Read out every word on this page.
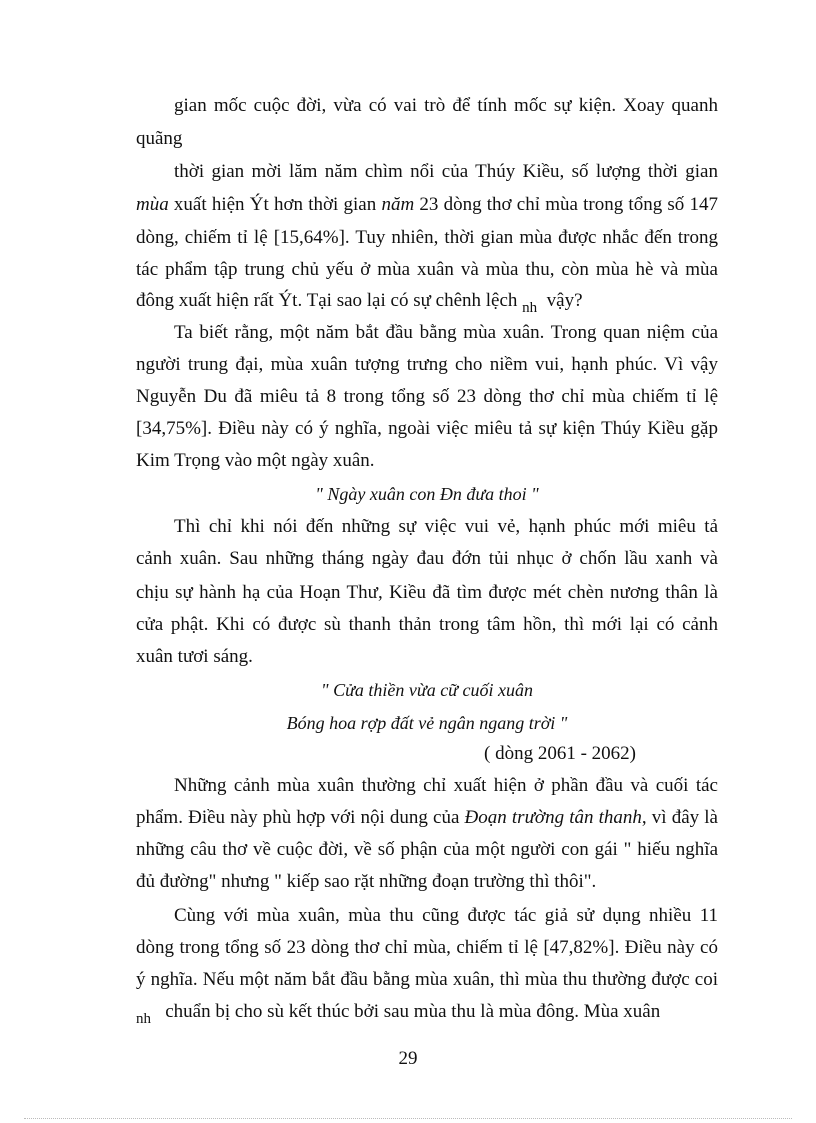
gian mốc cuộc đời, vừa có vai trò để tính mốc sự kiện. Xoay quanh
quãng
thời gian mời lăm năm chìm nổi của Thúy Kiều, số lượng thời gian
mùa xuất hiện Ýt hơn thời gian năm 23 dòng thơ chỉ mùa trong tổng số 147
dòng, chiếm tỉ lệ [15,64%]. Tuy nhiên, thời gian mùa được nhắc đến trong
tác phẩm tập trung chủ yếu ở mùa xuân và mùa thu, còn mùa hè và mùa
đông xuất hiện rất Ýt. Tại sao lại có sự chênh lệch $_{nh}$ vậy?
Ta biết rằng, một năm bắt đầu bằng mùa xuân. Trong quan niệm của
người trung đại, mùa xuân tượng trưng cho niềm vui, hạnh phúc. Vì vậy
Nguyễn Du đã miêu tả 8 trong tổng số 23 dòng thơ chỉ mùa chiếm tỉ lệ
[34,75%]. Điều này có ý nghĩa, ngoài việc miêu tả sự kiện Thúy Kiều gặp
Kim Trọng vào một ngày xuân.
" Ngày xuân con Ðn đưa thoi "
Thì chỉ khi nói đến những sự việc vui vẻ, hạnh phúc mới miêu tả
cảnh xuân. Sau những tháng ngày đau đớn tủi nhục ở chốn lầu xanh và
chịu sự hành hạ của Hoạn Thư, Kiều đã tìm được mét chèn nương thân là
cửa phật. Khi có được sù thanh thản trong tâm hồn, thì mới lại có cảnh
xuân tươi sáng.
" Cửa thiền vừa cữ cuối xuân
Bóng hoa rợp đất vẻ ngân ngang trời "
( dòng 2061 - 2062)
Những cảnh mùa xuân thường chỉ xuất hiện ở phần đầu và cuối tác
phẩm. Điều này phù hợp với nội dung của Đoạn trường tân thanh, vì đây là
những câu thơ về cuộc đời, về số phận của một người con gái " hiếu nghĩa
đủ đường" nhưng " kiếp sao rặt những đoạn trường thì thôi".
Cùng với mùa xuân, mùa thu cũng được tác giả sử dụng nhiều 11
dòng trong tổng số 23 dòng thơ chỉ mùa, chiếm tỉ lệ [47,82%]. Điều này có
ý nghĩa. Nếu một năm bắt đầu bằng mùa xuân, thì mùa thu thường được coi
$_{nh}$ chuẩn bị cho sù kết thúc bởi sau mùa thu là mùa đông. Mùa xuân
29
